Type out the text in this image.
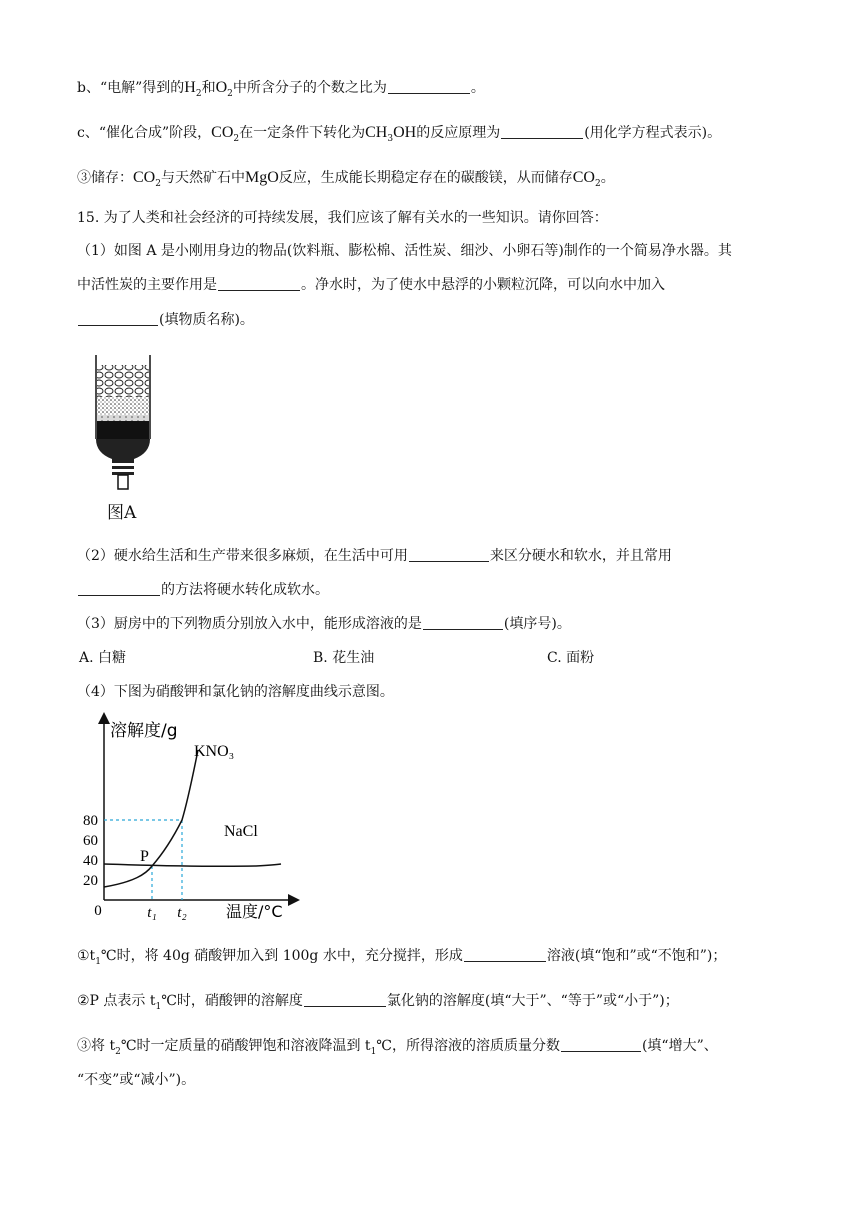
b、“电解”得到的$H_2$和$O_2$中所含分子的个数之比为	。
c、“催化合成”阶段，$CO_2$在一定条件下转化为$CH_3OH$的反应原理为	(用化学方程式表示)。
③储存：$CO_2$与天然矿石中MgO反应，生成能长期稳定存在的碳酸镁，从而储存$CO_2$。
15. 为了人类和社会经济的可持续发展，我们应该了解有关水的一些知识。请你回答：
（1）如图 A 是小刚用身边的物品(饮料瓶、膨松棉、活性炭、细沙、小卵石等)制作的一个简易净水器。其
中活性炭的主要作用是	。净水时，为了使水中悬浮的小颗粒沉降，可以向水中加入
(填物质名称)。
图A
（2）硬水给生活和生产带来很多麻烦，在生活中可用	来区分硬水和软水，并且常用
的方法将硬水转化成软水。
（3）厨房中的下列物质分别放入水中，能形成溶液的是	(填序号)。
A. 白糖	B. 花生油	C. 面粉
（4）下图为硝酸钾和氯化钠的溶解度曲线示意图。
溶解度/g
温度/°C
0
20
40
60
80
t₁ t₂
P
KNO₃
NaCl
$①t_1℃$时，将 40g 硝酸钾加入到 100g 水中，充分搅拌，形成	溶液(填“饱和”或“不饱和”)；
②P 点表示 $t_1℃$时，硝酸钾的溶解度	氯化钠的溶解度(填“大于”、“等于”或“小于”)；
③将 $t_2℃$时一定质量的硝酸钾饱和溶液降温到 $t_1℃$，所得溶液的溶质质量分数	(填“增大”、
“不变”或“减小”)。
